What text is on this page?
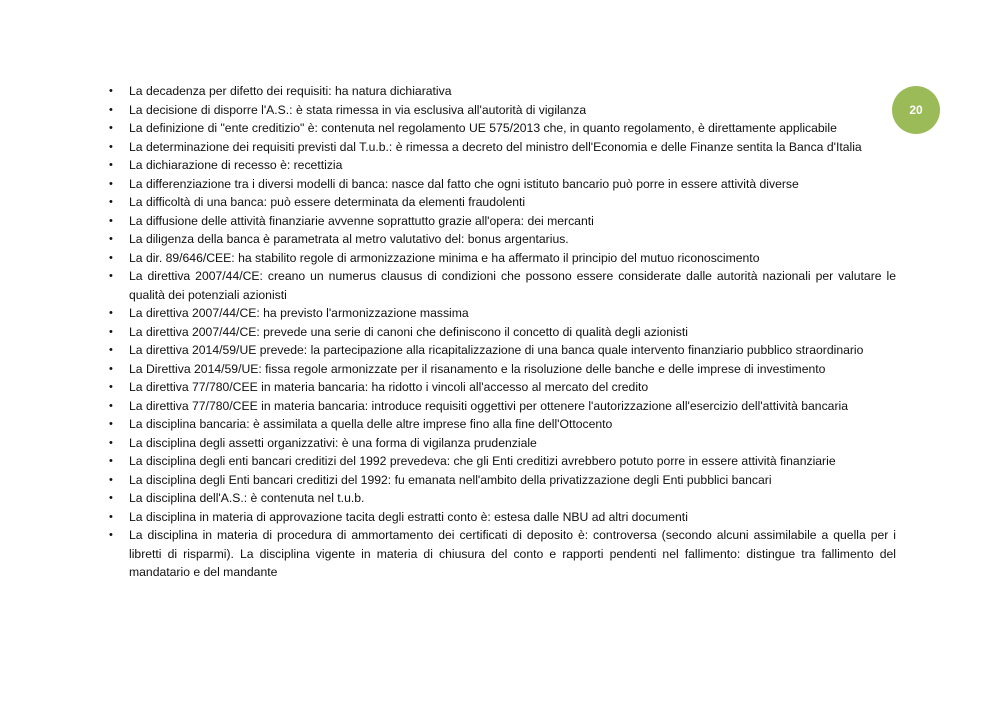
20
• La decadenza per difetto dei requisiti: ha natura dichiarativa
• La decisione di disporre l'A.S.: è stata rimessa in via esclusiva all'autorità di vigilanza
• La definizione di "ente creditizio" è: contenuta nel regolamento UE 575/2013 che, in quanto regolamento, è direttamente applicabile
• La determinazione dei requisiti previsti dal T.u.b.: è rimessa a decreto del ministro dell'Economia e delle Finanze sentita la Banca d'Italia
• La dichiarazione di recesso è: recettizia
• La differenziazione tra i diversi modelli di banca: nasce dal fatto che ogni istituto bancario può porre in essere attività diverse
• La difficoltà di una banca: può essere determinata da elementi fraudolenti
• La diffusione delle attività finanziarie avvenne soprattutto grazie all'opera: dei mercanti
• La diligenza della banca è parametrata al metro valutativo del: bonus argentarius.
• La dir. 89/646/CEE: ha stabilito regole di armonizzazione minima e ha affermato il principio del mutuo riconoscimento
• La direttiva 2007/44/CE: creano un numerus clausus di condizioni che possono essere considerate dalle autorità nazionali per valutare le qualità dei potenziali azionisti
• La direttiva 2007/44/CE: ha previsto l'armonizzazione massima
• La direttiva 2007/44/CE: prevede una serie di canoni che definiscono il concetto di qualità degli azionisti
• La direttiva 2014/59/UE prevede: la partecipazione alla ricapitalizzazione di una banca quale intervento finanziario pubblico straordinario
• La Direttiva 2014/59/UE: fissa regole armonizzate per il risanamento e la risoluzione delle banche e delle imprese di investimento
• La direttiva 77/780/CEE in materia bancaria: ha ridotto i vincoli all'accesso al mercato del credito
• La direttiva 77/780/CEE in materia bancaria: introduce requisiti oggettivi per ottenere l'autorizzazione all'esercizio dell'attività bancaria
• La disciplina bancaria: è assimilata a quella delle altre imprese fino alla fine dell'Ottocento
• La disciplina degli assetti organizzativi: è una forma di vigilanza prudenziale
• La disciplina degli enti bancari creditizi del 1992 prevedeva: che gli Enti creditizi avrebbero potuto porre in essere attività finanziarie
• La disciplina degli Enti bancari creditizi del 1992: fu emanata nell'ambito della privatizzazione degli Enti pubblici bancari
• La disciplina dell'A.S.: è contenuta nel t.u.b.
• La disciplina in materia di approvazione tacita degli estratti conto è: estesa dalle NBU ad altri documenti
• La disciplina in materia di procedura di ammortamento dei certificati di deposito è: controversa (secondo alcuni assimilabile a quella per i libretti di risparmi). La disciplina vigente in materia di chiusura del conto e rapporti pendenti nel fallimento: distingue tra fallimento del mandatario e del mandante
